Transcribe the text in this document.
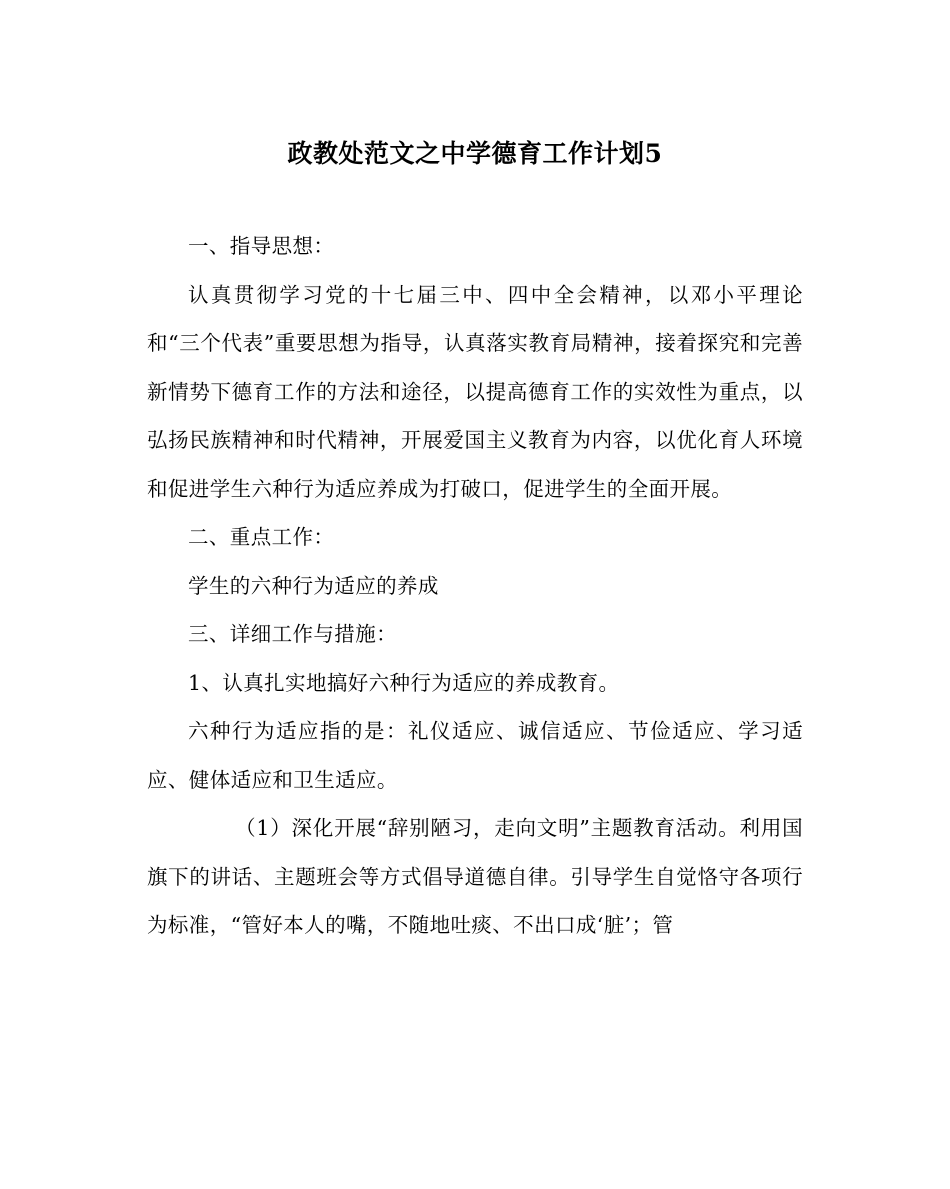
政教处范文之中学德育工作计划5

一、指导思想：

认真贯彻学习党的十七届三中、四中全会精神，以邓小平理论和“三个代表”重要思想为指导，认真落实教育局精神，接着探究和完善新情势下德育工作的方法和途径，以提高德育工作的实效性为重点，以弘扬民族精神和时代精神，开展爱国主义教育为内容，以优化育人环境和促进学生六种行为适应养成为打破口，促进学生的全面开展。

二、重点工作：

学生的六种行为适应的养成

三、详细工作与措施：

1、认真扎实地搞好六种行为适应的养成教育。

六种行为适应指的是：礼仪适应、诚信适应、节俭适应、学习适应、健体适应和卫生适应。

（1）深化开展“辞别陋习，走向文明”主题教育活动。利用国旗下的讲话、主题班会等方式倡导道德自律。引导学生自觉恪守各项行为标准，“管好本人的嘴，不随地吐痰、不出口成‘脏’；管
